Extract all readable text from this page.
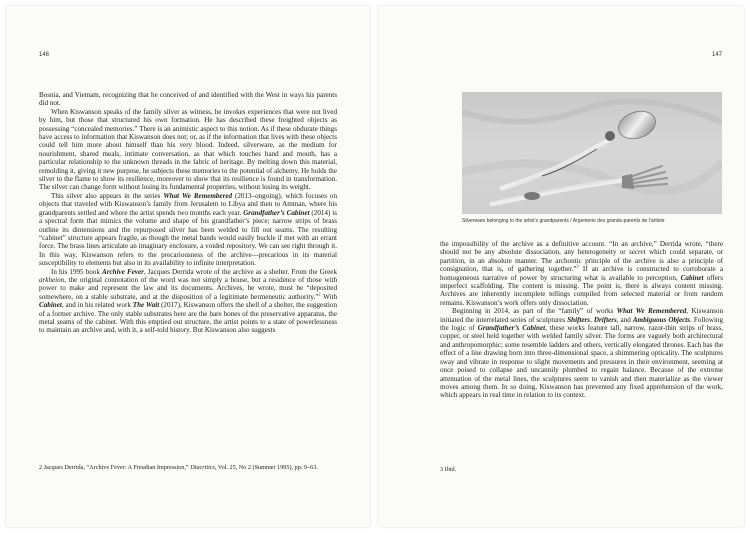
146

Bosnia, and Vietnam, recognizing that he conceived of and identified with the West in ways his parents did not.

When Kiswanson speaks of the family silver as witness, he invokes experiences that were not lived by him, but those that structured his own formation. He has described these freighted objects as possessing “concealed memories.” There is an animistic aspect to this notion. As if these obdurate things have access to information that Kiswanson does not; or, as if the information that lives with these objects could tell him more about himself than his very blood. Indeed, silverware, as the medium for nourishment, shared meals, intimate conversation, as that which touches hand and mouth, has a particular relationship to the unknown threads in the fabric of heritage. By melting down this material, remolding it, giving it new purpose, he subjects these memories to the potential of alchemy. He holds the silver to the flame to show its resilience, moreover to show that its resilience is found in transformation. The silver can change form without losing its fundamental properties, without losing its weight.

This silver also appears in the series What We Remembered (2013–ongoing), which focuses on objects that traveled with Kiswanson’s family from Jerusalem to Libya and then to Amman, where his grandparents settled and where the artist spends two months each year. Grandfather’s Cabinet (2014) is a spectral form that mimics the volume and shape of his grandfather’s piece; narrow strips of brass outline its dimensions and the repurposed silver has been welded to fill out seams. The resulting “cabinet” structure appears fragile, as though the metal bands would easily buckle if met with an errant force. The brass lines articulate an imaginary enclosure, a voided repository. We can see right through it. In this way, Kiswanson refers to the precariousness of the archive—precarious in its material susceptibility to elements but also in its availability to infinite interpretation.

In his 1995 book Archive Fever, Jacques Derrida wrote of the archive as a shelter. From the Greek arkheion, the original connotation of the word was not simply a house, but a residence of those with power to make and represent the law and its documents. Archives, he wrote, must be “deposited somewhere, on a stable substrate, and at the disposition of a legitimate hermeneutic authority.”$^2$ With Cabinet, and in his related work The Wait (2017), Kiswanson offers the shell of a shelter, the suggestion of a former archive. The only stable substrates here are the bare bones of the preservative apparatus, the metal seams of the cabinet. With this emptied out structure, the artist points to a state of powerlessness to maintain an archive and, with it, a self-told history. But Kiswanson also suggests

2 Jacques Derrida, “Archive Fever: A Freudian Impression,” Diacritics, Vol. 25, No 2 (Summer 1995), pp. 9–63.
147
Silverware belonging to the artist’s grandparents / Argenterie des grands-parents de l’artiste

the impossibility of the archive as a definitive account. “In an archive,” Derrida wrote, “there should not be any absolute dissociation, any heterogeneity or secret which could separate, or partition, in an absolute manner. The archontic principle of the archive is also a principle of consignation, that is, of gathering together.”$^3$ If an archive is constructed to corroborate a homogeneous narrative of power by structuring what is available to perception, Cabinet offers imperfect scaffolding. The content is missing. The point is, there is always content missing. Archives are inherently incomplete tellings compiled from selected material or from random remains. Kiswanson’s work offers only dissociation.

Beginning in 2014, as part of the “family” of works What We Remembered, Kiswanson initiated the interrelated series of sculptures Shifters, Drifters, and Ambiguous Objects. Following the logic of Grandfather’s Cabinet, these works feature tall, narrow, razor-thin strips of brass, copper, or steel held together with welded family silver. The forms are vaguely both architectural and anthropomorphic; some resemble ladders and others, vertically elongated thrones. Each has the effect of a line drawing born into three-dimensional space, a shimmering opticality. The sculptures sway and vibrate in response to slight movements and pressures in their environment, seeming at once poised to collapse and uncannily plumbed to regain balance. Because of the extreme attenuation of the metal lines, the sculptures seem to vanish and then materialize as the viewer moves among them. In so doing, Kiswanson has prevented any fixed apprehension of the work, which appears in real time in relation to its context.

3 Ibid.
